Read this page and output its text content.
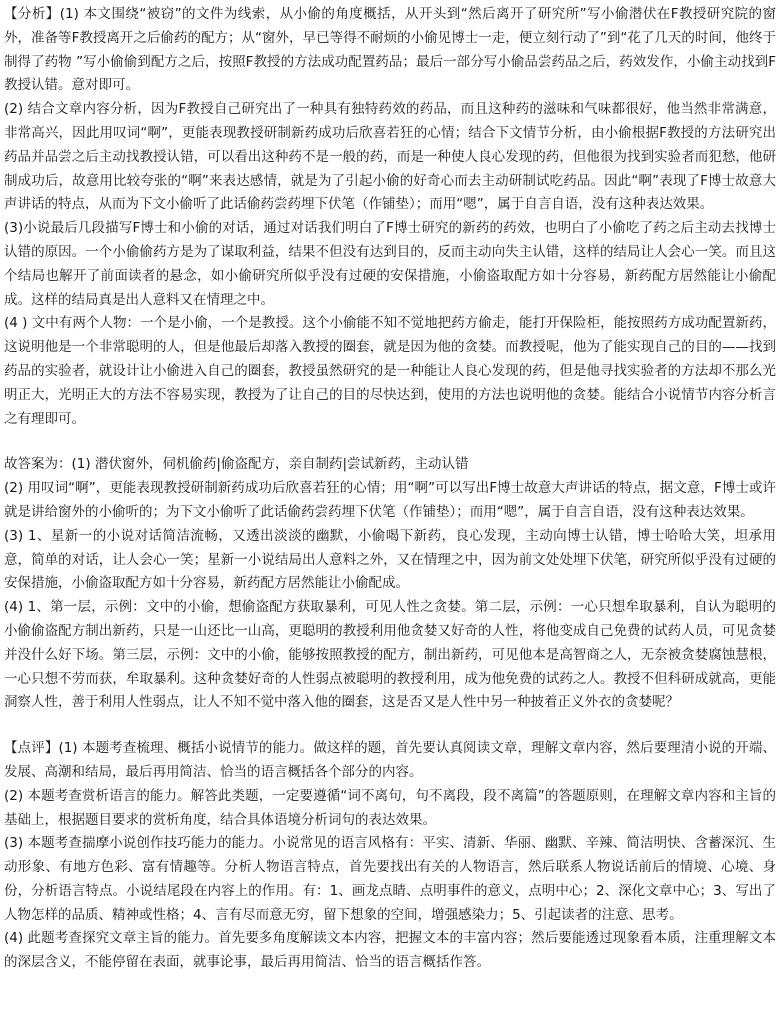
【分析】(1) 本文围绕“被窃”的文件为线索，从小偷的角度概括，从开头到“然后离开了研究所”写小偷潜伏在F教授研究院的窗外，准备等F教授离开之后偷药的配方；从“窗外，早已等得不耐烦的小偷见博士一走，便立刻行动了”到“花了几天的时间，他终于制得了药物 ”写小偷偷到配方之后，按照F教授的方法成功配置药品；最后一部分写小偷品尝药品之后，药效发作，小偷主动找到F教授认错。意对即可。

(2) 结合文章内容分析，因为F教授自己研究出了一种具有独特药效的药品，而且这种药的滋味和气味都很好，他当然非常满意，非常高兴，因此用叹词“啊”，更能表现教授研制新药成功后欣喜若狂的心情；结合下文情节分析，由小偷根据F教授的方法研究出药品并品尝之后主动找教授认错，可以看出这种药不是一般的药，而是一种使人良心发现的药，但他很为找到实验者而犯愁，他研制成功后，故意用比较夸张的“啊”来表达感情，就是为了引起小偷的好奇心而去主动研制试吃药品。因此“啊”表现了F博士故意大声讲话的特点，从而为下文小偷听了此话偷药尝药埋下伏笔（作铺垫）；而用“嗯”，属于自言自语，没有这种表达效果。

(3)小说最后几段描写F博士和小偷的对话，通过对话我们明白了F博士研究的新药的药效，也明白了小偷吃了药之后主动去找博士认错的原因。一个小偷偷药方是为了谋取利益，结果不但没有达到目的，反而主动向失主认错，这样的结局让人会心一笑。而且这个结局也解开了前面读者的悬念，如小偷研究所似乎没有过硬的安保措施，小偷盗取配方如十分容易，新药配方居然能让小偷配成。这样的结局真是出人意料又在情理之中。

(4 ) 文中有两个人物：一个是小偷，一个是教授。这个小偷能不知不觉地把药方偷走，能打开保险柜，能按照药方成功配置新药，这说明他是一个非常聪明的人，但是他最后却落入教授的圈套，就是因为他的贪婪。而教授呢，他为了能实现自己的目的——找到药品的实验者，就设计让小偷进入自己的圈套，教授虽然研究的是一种能让人良心发现的药，但是他寻找实验者的方法却不那么光明正大，光明正大的方法不容易实现，教授为了让自己的目的尽快达到，使用的方法也说明他的贪婪。能结合小说情节内容分析言之有理即可。

故答案为：(1) 潜伏窗外，伺机偷药|偷盗配方，亲自制药|尝试新药，主动认错

(2) 用叹词“啊”，更能表现教授研制新药成功后欣喜若狂的心情；用“啊”可以写出F博士故意大声讲话的特点，据文意，F博士或许就是讲给窗外的小偷听的；为下文小偷听了此话偷药尝药埋下伏笔（作铺垫）；而用“嗯”，属于自言自语，没有这种表达效果。

(3) 1、星新一的小说对话简洁流畅，又透出淡淡的幽默，小偷喝下新药，良心发现，主动向博士认错，博士哈哈大笑，坦承用意，简单的对话，让人会心一笑；星新一小说结局出人意料之外，又在情理之中，因为前文处处埋下伏笔，研究所似乎没有过硬的安保措施，小偷盗取配方如十分容易，新药配方居然能让小偷配成。

(4) 1、第一层，示例：文中的小偷，想偷盗配方获取暴利，可见人性之贪婪。第二层，示例：一心只想牟取暴利，自认为聪明的小偷偷盗配方制出新药，只是一山还比一山高，更聪明的教授利用他贪婪又好奇的人性，将他变成自己免费的试药人员，可见贪婪并没什么好下场。第三层，示例：文中的小偷，能够按照教授的配方，制出新药，可见他本是高智商之人，无奈被贪婪腐蚀慧根，一心只想不劳而获，牟取暴利。这种贪婪好奇的人性弱点被聪明的教授利用，成为他免费的试药之人。教授不但科研成就高，更能洞察人性，善于利用人性弱点，让人不知不觉中落入他的圈套，这是否又是人性中另一种披着正义外衣的贪婪呢？

【点评】(1) 本题考查梳理、概括小说情节的能力。做这样的题，首先要认真阅读文章，理解文章内容，然后要理清小说的开端、发展、高潮和结局，最后再用简洁、恰当的语言概括各个部分的内容。

(2) 本题考查赏析语言的能力。解答此类题，一定要遵循“词不离句，句不离段，段不离篇”的答题原则，在理解文章内容和主旨的基础上，根据题目要求的赏析角度，结合具体语境分析词句的表达效果。

(3) 本题考查揣摩小说创作技巧能力的能力。小说常见的语言风格有：平实、清新、华丽、幽默、辛辣、简洁明快、含蓄深沉、生动形象、有地方色彩、富有情趣等。分析人物语言特点，首先要找出有关的人物语言，然后联系人物说话前后的情境、心境、身份，分析语言特点。小说结尾段在内容上的作用。有：1、画龙点睛、点明事件的意义，点明中心；2、深化文章中心；3、写出了人物怎样的品质、精神或性格；4、言有尽而意无穷，留下想象的空间，增强感染力；5、引起读者的注意、思考。

(4) 此题考查探究文章主旨的能力。首先要多角度解读文本内容，把握文本的丰富内容；然后要能透过现象看本质，注重理解文本的深层含义，不能停留在表面，就事论事，最后再用简洁、恰当的语言概括作答。
